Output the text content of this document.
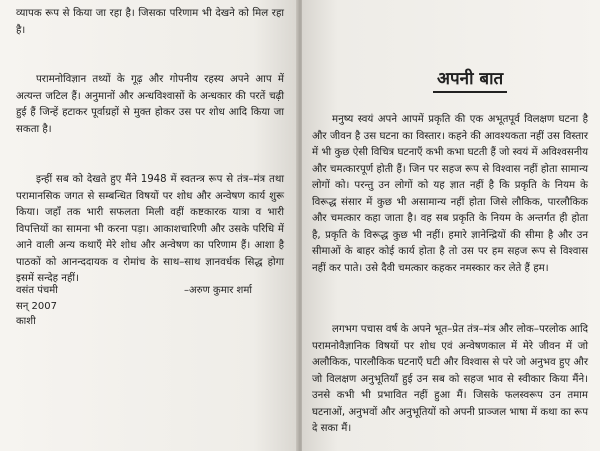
व्यापक रूप से किया जा रहा है। जिसका परिणाम भी देखने को मिल रहा है।

परामनोविज्ञान तथ्यों के गूढ़ और गोपनीय रहस्य अपने आप में अत्यन्त जटिल हैं। अनुमानों और अन्धविश्वासों के अन्धकार की परतें चढ़ी हुई हैं जिन्हें हटाकर पूर्वाग्रहों से मुक्त होकर उस पर शोध आदि किया जा सकता है।

इन्हीं सब को देखते हुए मैंने 1948 में स्वतन्त्र रूप से तंत्र–मंत्र तथा परामानसिक जगत से सम्बन्धित विषयों पर शोध और अन्वेषण कार्य शुरू किया। जहाँ तक भारी सफलता मिली वहीं कष्टकारक यात्रा व भारी विपत्तियों का सामना भी करना पड़ा। आकाशचारिणी और उसके परिधि में आने वाली अन्य कथाएँ मेरे शोध और अन्वेषण का परिणाम हैं। आशा है पाठकों को आनन्ददायक व रोमांच के साथ–साथ ज्ञानवर्धक सिद्ध होगा इसमें सन्देह नहीं।

वसंत पंचमी	–अरुण कुमार शर्मा
सन् 2007
काशी
अपनी बात

मनुष्य स्वयं अपने आपमें प्रकृति की एक अभूतपूर्व विलक्षण घटना है और जीवन है उस घटना का विस्तार। कहने की आवश्यकता नहीं उस विस्तार में भी कुछ ऐसी विचित्र घटनाएँ कभी कभा घटती हैं जो स्वयं में अविश्वसनीय और चमत्कारपूर्ण होती हैं। जिन पर सहज रूप से विश्वास नहीं होता सामान्य लोगों को। परन्तु उन लोगों को यह ज्ञात नहीं है कि प्रकृति के नियम के विरूद्ध संसार में कुछ भी असामान्य नहीं होता जिसे लौकिक, पारलौकिक और चमत्कार कहा जाता है। वह सब प्रकृति के नियम के अन्तर्गत ही होता है, प्रकृति के विरूद्ध कुछ भी नहीं। हमारे ज्ञानेन्द्रियों की सीमा है और उन सीमाओं के बाहर कोई कार्य होता है तो उस पर हम सहज रूप से विश्वास नहीं कर पाते। उसे दैवी चमत्कार कहकर नमस्कार कर लेते हैं हम।

लगभग पचास वर्ष के अपने भूत–प्रेत तंत्र–मंत्र और लोक–परलोक आदि परामनोवैज्ञानिक विषयों पर शोध एवं अन्वेषणकाल में मेरे जीवन में जो अलौकिक, पारलौकिक घटनाएँ घटी और विश्वास से परे जो अनुभव हुए और जो विलक्षण अनुभूतियाँ हुई उन सब को सहज भाव से स्वीकार किया मैंने। उनसे कभी भी प्रभावित नहीं हुआ मैं। जिसके फलस्वरूप उन तमाम घटनाओं, अनुभवों और अनुभूतियों को अपनी प्राञ्जल भाषा में कथा का रूप दे सका मैं।
